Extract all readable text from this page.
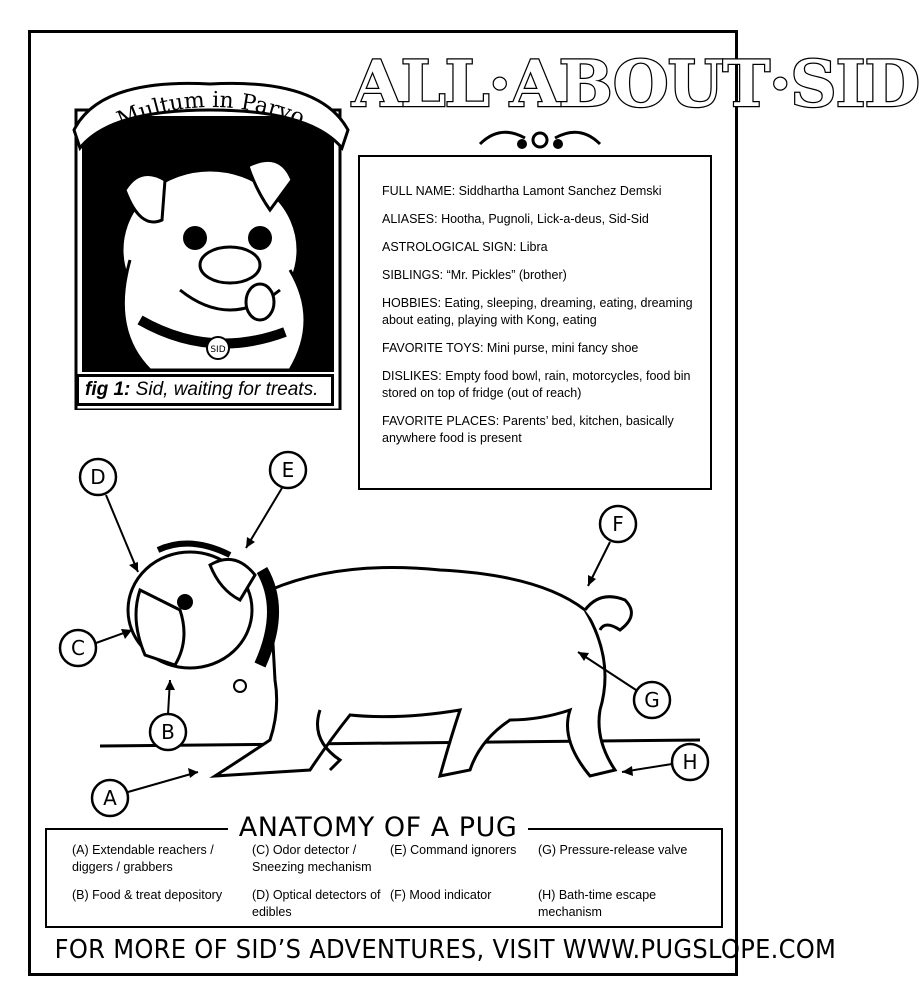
ALL·ABOUT·SID
SID
Multum in Parvo.
fig 1: Sid, waiting for treats.
FULL NAME: Siddhartha Lamont Sanchez Demski
ALIASES: Hootha, Pugnoli, Lick-a-deus, Sid-Sid
ASTROLOGICAL SIGN: Libra
SIBLINGS: “Mr. Pickles” (brother)
HOBBIES: Eating, sleeping, dreaming, eating, dreaming about eating, playing with Kong, eating
FAVORITE TOYS: Mini purse, mini fancy shoe
DISLIKES: Empty food bowl, rain, motorcycles, food bin stored on top of fridge (out of reach)
FAVORITE PLACES: Parents’ bed, kitchen, basically anywhere food is present
A
B
C
D	E
F
G
H
ANATOMY OF A PUG
(A) Extendable reachers / diggers / grabbers
(B) Food & treat depository
(C) Odor detector / Sneezing mechanism
(D) Optical detectors of edibles
(E) Command ignorers
(F) Mood indicator
(G) Pressure-release valve
(H) Bath-time escape mechanism
FOR MORE OF SID’S ADVENTURES, VISIT WWW.PUGSLOPE.COM
